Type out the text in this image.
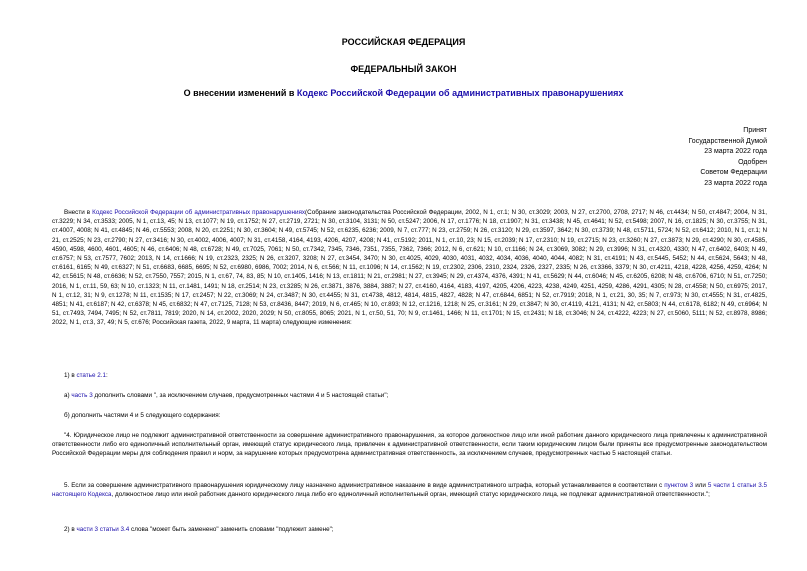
РОССИЙСКАЯ ФЕДЕРАЦИЯ
ФЕДЕРАЛЬНЫЙ ЗАКОН
О внесении изменений в Кодекс Российской Федерации об административных правонарушениях
Принят
Государственной Думой
23 марта 2022 года
Одобрен
Советом Федерации
23 марта 2022 года
Внести в Кодекс Российской Федерации об административных правонарушениях(Собрание законодательства Российской Федерации, 2002, N 1, ст.1; N 30, ст.3029; 2003, N 27, ст.2700, 2708, 2717; N 46, ст.4434; N 50, ст.4847; 2004, N 31, ст.3229; N 34, ст.3533; 2005, N 1, ст.13, 45; N 13, ст.1077; N 19, ст.1752; N 27, ст.2719, 2721; N 30, ст.3104, 3131; N 50, ст.5247; 2006, N 17, ст.1776; N 18, ст.1907; N 31, ст.3438; N 45, ст.4641; N 52, ст.5498; 2007, N 16, ст.1825; N 30, ст.3755; N 31, ст.4007, 4008; N 41, ст.4845; N 46, ст.5553; 2008, N 20, ст.2251; N 30, ст.3604; N 49, ст.5745; N 52, ст.6235, 6236; 2009, N 7, ст.777; N 23, ст.2759; N 26, ст.3120; N 29, ст.3597, 3642; N 30, ст.3739; N 48, ст.5711, 5724; N 52, ст.6412; 2010, N 1, ст.1; N 21, ст.2525; N 23, ст.2790; N 27, ст.3416; N 30, ст.4002, 4006, 4007; N 31, ст.4158, 4164, 4193, 4206, 4207, 4208; N 41, ст.5192; 2011, N 1, ст.10, 23; N 15, ст.2039; N 17, ст.2310; N 19, ст.2715; N 23, ст.3260; N 27, ст.3873; N 29, ст.4290; N 30, ст.4585, 4590, 4598, 4600, 4601, 4605; N 46, ст.6406; N 48, ст.6728; N 49, ст.7025, 7061; N 50, ст.7342, 7345, 7346, 7351, 7355, 7362, 7366; 2012, N 6, ст.621; N 10, ст.1166; N 24, ст.3069, 3082; N 29, ст.3996; N 31, ст.4320, 4330; N 47, ст.6402, 6403; N 49, ст.6757; N 53, ст.7577, 7602; 2013, N 14, ст.1666; N 19, ст.2323, 2325; N 26, ст.3207, 3208; N 27, ст.3454, 3470; N 30, ст.4025, 4029, 4030, 4031, 4032, 4034, 4036, 4040, 4044, 4082; N 31, ст.4191; N 43, ст.5445, 5452; N 44, ст.5624, 5643; N 48, ст.6161, 6165; N 49, ст.6327; N 51, ст.6683, 6685, 6695; N 52, ст.6980, 6986, 7002; 2014, N 6, ст.566; N 11, ст.1096; N 14, ст.1562; N 19, ст.2302, 2306, 2310, 2324, 2326, 2327, 2335; N 26, ст.3366, 3379; N 30, ст.4211, 4218, 4228, 4256, 4259, 4264; N 42, ст.5615; N 48, ст.6636; N 52, ст.7550, 7557; 2015, N 1, ст.67, 74, 83, 85; N 10, ст.1405, 1416; N 13, ст.1811; N 21, ст.2981; N 27, ст.3945; N 29, ст.4374, 4376, 4391; N 41, ст.5629; N 44, ст.6046; N 45, ст.6205, 6208; N 48, ст.6706, 6710; N 51, ст.7250; 2016, N 1, ст.11, 59, 63; N 10, ст.1323; N 11, ст.1481, 1491; N 18, ст.2514; N 23, ст.3285; N 26, ст.3871, 3876, 3884, 3887; N 27, ст.4160, 4164, 4183, 4197, 4205, 4206, 4223, 4238, 4249, 4251, 4259, 4286, 4291, 4305; N 28, ст.4558; N 50, ст.6975; 2017, N 1, ст.12, 31; N 9, ст.1278; N 11, ст.1535; N 17, ст.2457; N 22, ст.3069; N 24, ст.3487; N 30, ст.4455; N 31, ст.4738, 4812, 4814, 4815, 4827, 4828; N 47, ст.6844, 6851; N 52, ст.7919; 2018, N 1, ст.21, 30, 35; N 7, ст.973; N 30, ст.4555; N 31, ст.4825, 4851; N 41, ст.6187; N 42, ст.6378; N 45, ст.6832; N 47, ст.7125, 7128; N 53, ст.8436, 8447; 2019, N 6, ст.465; N 10, ст.893; N 12, ст.1216, 1218; N 25, ст.3161; N 29, ст.3847; N 30, ст.4119, 4121, 4131; N 42, ст.5803; N 44, ст.6178, 6182; N 49, ст.6964; N 51, ст.7493, 7494, 7495; N 52, ст.7811, 7819; 2020, N 14, ст.2002, 2020, 2029; N 50, ст.8055, 8065; 2021, N 1, ст.50, 51, 70; N 9, ст.1461, 1466; N 11, ст.1701; N 15, ст.2431; N 18, ст.3046; N 24, ст.4222, 4223; N 27, ст.5060, 5111; N 52, ст.8978, 8986; 2022, N 1, ст.3, 37, 49; N 5, ст.676; Российская газета, 2022, 9 марта, 11 марта) следующие изменения:
1) в статье 2.1:
а) часть 3 дополнить словами ", за исключением случаев, предусмотренных частями 4 и 5 настоящей статьи";
б) дополнить частями 4 и 5 следующего содержания:
"4. Юридическое лицо не подлежит административной ответственности за совершение административного правонарушения, за которое должностное лицо или иной работник данного юридического лица привлечены к административной ответственности либо его единоличный исполнительный орган, имеющий статус юридического лица, привлечен к административной ответственности, если таким юридическим лицом были приняты все предусмотренные законодательством Российской Федерации меры для соблюдения правил и норм, за нарушение которых предусмотрена административная ответственность, за исключением случаев, предусмотренных частью 5 настоящей статьи.
5. Если за совершение административного правонарушения юридическому лицу назначено административное наказание в виде административного штрафа, который устанавливается в соответствии с пунктом 3 или 5 части 1 статьи 3.5 настоящего Кодекса, должностное лицо или иной работник данного юридического лица либо его единоличный исполнительный орган, имеющий статус юридического лица, не подлежат административной ответственности.";
2) в части 3 статьи 3.4 слова "может быть заменено" заменить словами "подлежит замене";
